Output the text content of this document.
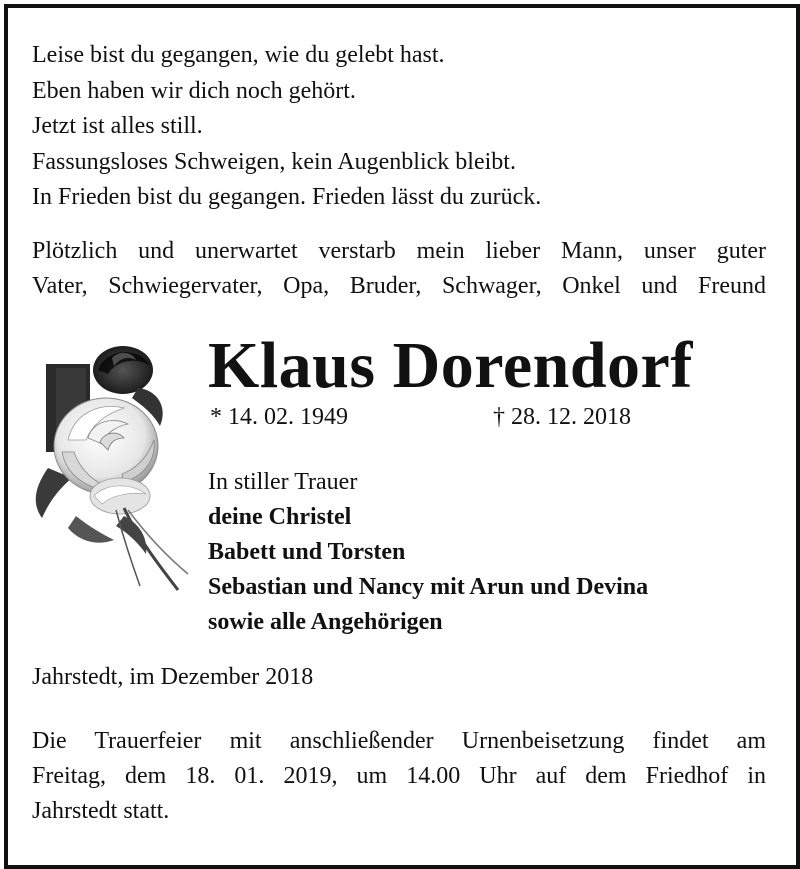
Leise bist du gegangen, wie du gelebt hast.
Eben haben wir dich noch gehört.
Jetzt ist alles still.
Fassungsloses Schweigen, kein Augenblick bleibt.
In Frieden bist du gegangen. Frieden lässt du zurück.
Plötzlich und unerwartet verstarb mein lieber Mann, unser guter
Vater, Schwiegervater, Opa, Bruder, Schwager, Onkel und Freund
Klaus Dorendorf
* 14. 02. 1949	† 28. 12. 2018
In stiller Trauer
deine Christel
Babett und Torsten
Sebastian und Nancy mit Arun und Devina
sowie alle Angehörigen
Jahrstedt, im Dezember 2018
Die Trauerfeier mit anschließender Urnenbeisetzung findet am
Freitag, dem 18. 01. 2019, um 14.00 Uhr auf dem Friedhof in
Jahrstedt statt.
